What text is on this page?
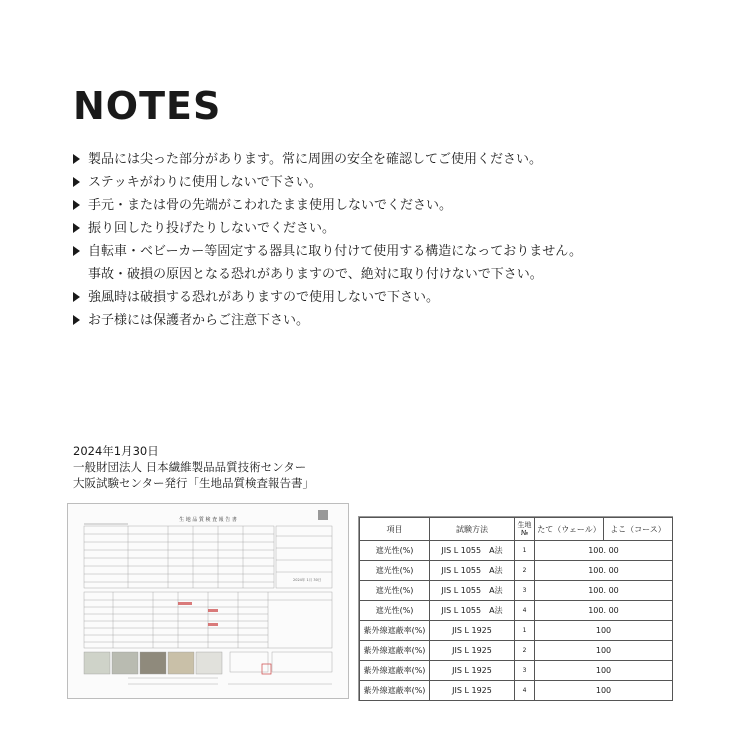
NOTES
製品には尖った部分があります。常に周囲の安全を確認してご使用ください。
ステッキがわりに使用しないで下さい。
手元・または骨の先端がこわれたまま使用しないでください。
振り回したり投げたりしないでください。
自転車・ベビーカー等固定する器具に取り付けて使用する構造になっておりません。
事故・破損の原因となる恐れがありますので、絶対に取り付けないで下さい。
強風時は破損する恐れがありますので使用しないで下さい。
お子様には保護者からご注意下さい。
2024年1月30日
一般財団法人 日本繊維製品品質技術センター
大阪試験センター発行「生地品質検査報告書」
生 地 品 質 検 査 報 告 書
2024年 1月 30日
項目	試験方法	生地
№	たて（ウェール）	よこ（コース）
遮光性(%)	JIS L 1055　A法	1	100. 00	
遮光性(%)	JIS L 1055　A法	2	100. 00	
遮光性(%)	JIS L 1055　A法	3	100. 00	
遮光性(%)	JIS L 1055　A法	4	100. 00	
紫外線遮蔽率(%)	JIS L 1925	1	100	
紫外線遮蔽率(%)	JIS L 1925	2	100	
紫外線遮蔽率(%)	JIS L 1925	3	100	
紫外線遮蔽率(%)	JIS L 1925	4	100	
